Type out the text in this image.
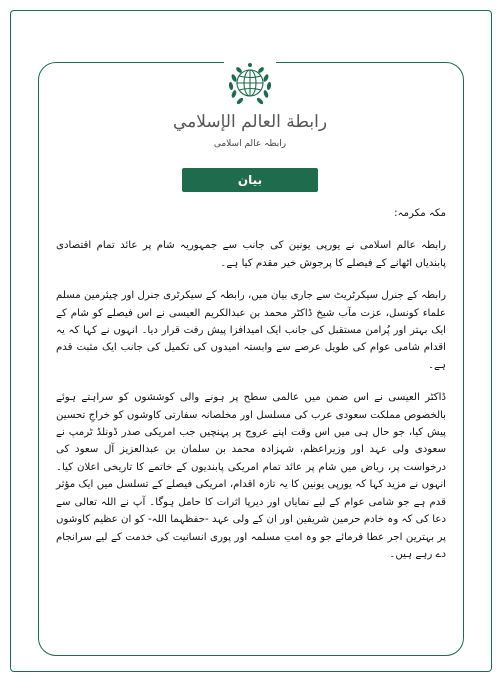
رابطة العالم الإسلامي
رابطہ عالم اسلامی
بیان

مکہ مکرمہ:

رابطہ عالم اسلامی نے یورپی یونین کی جانب سے جمہوریہ شام پر عائد تمام اقتصادی پابندیاں اٹھانے کے فیصلے کا پرجوش خیر مقدم کیا ہے۔

رابطہ کے جنرل سیکرٹریٹ سے جاری بیان میں، رابطہ کے سیکرٹری جنرل اور چیئرمین مسلم علماء کونسل، عزت مآب شیخ ڈاکٹر محمد بن عبدالکریم العیسی نے اس فیصلے کو شام کے ایک بہتر اور پُرامن مستقبل کی جانب ایک امیدافزا پیش رفت قرار دیا۔ انہوں نے کہا کہ یہ اقدام شامی عوام کی طویل عرصے سے وابستہ امیدوں کی تکمیل کی جانب ایک مثبت قدم ہے۔

ڈاکٹر العیسی نے اس ضمن میں عالمی سطح پر ہونے والی کوششوں کو سراہتے ہوئے بالخصوص مملکت سعودی عرب کی مسلسل اور مخلصانہ سفارتی کاوشوں کو خراجِ تحسین پیش کیا، جو حال ہی میں اس وقت اپنے عروج پر پہنچیں جب امریکی صدر ڈونلڈ ٹرمپ نے سعودی ولی عہد اور وزیراعظم، شہزادہ محمد بن سلمان بن عبدالعزیز آل سعود کی درخواست پر، ریاض میں شام پر عائد تمام امریکی پابندیوں کے خاتمے کا تاریخی اعلان کیا۔ انہوں نے مزید کہا کہ یورپی یونین کا یہ تازہ اقدام، امریکی فیصلے کے تسلسل میں ایک مؤثر قدم ہے جو شامی عوام کے لیے نمایاں اور دیرپا اثرات کا حامل ہوگا۔ آپ نے اللہ تعالی سے دعا کی کہ وہ خادم حرمین شریفین اور ان کے ولی عہد -حفظہما اللہ- کو ان عظیم کاوشوں پر بہترین اجر عطا فرمائے جو وہ امتِ مسلمہ اور پوری انسانیت کی خدمت کے لیے سرانجام دے رہے ہیں۔
